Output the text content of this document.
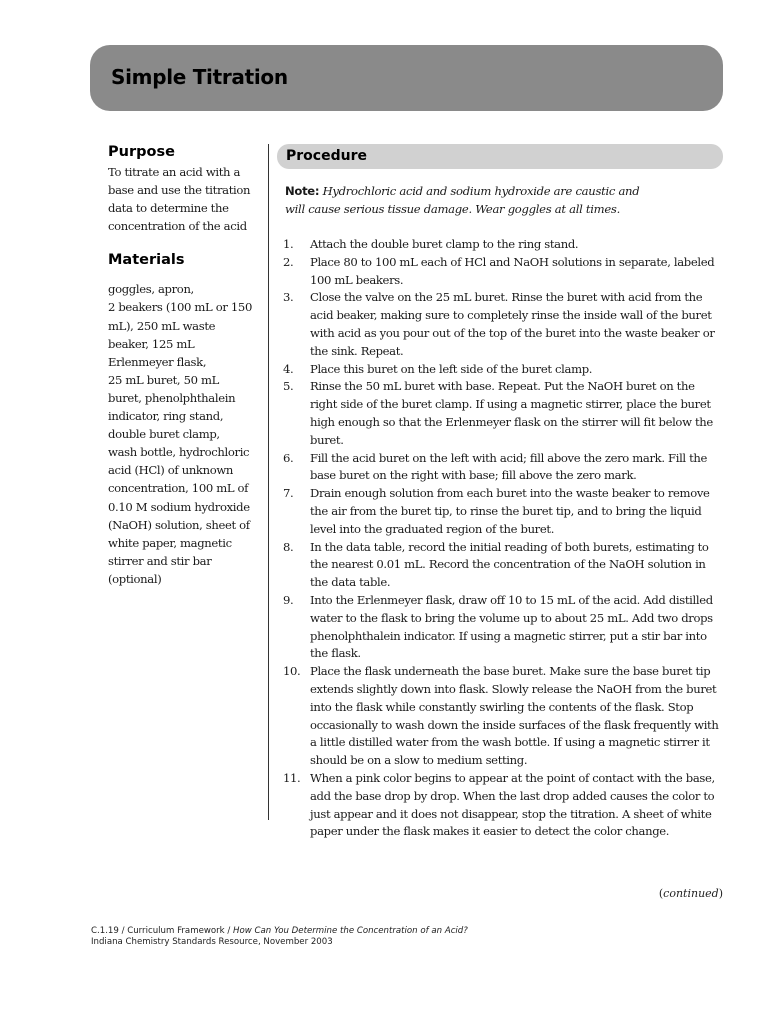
Simple Titration
Purpose
To titrate an acid with a
base and use the titration
data to determine the
concentration of the acid
Materials
goggles, apron,
2 beakers (100 mL or 150
mL), 250 mL waste
beaker, 125 mL
Erlenmeyer flask,
25 mL buret, 50 mL
buret, phenolphthalein
indicator, ring stand,
double buret clamp,
wash bottle, hydrochloric
acid (HCl) of unknown
concentration, 100 mL of
0.10 M sodium hydroxide
(NaOH) solution, sheet of
white paper, magnetic
stirrer and stir bar
(optional)
Procedure
Note: Hydrochloric acid and sodium hydroxide are caustic and
will cause serious tissue damage. Wear goggles at all times.
1.	Attach the double buret clamp to the ring stand.
2.	Place 80 to 100 mL each of HCl and NaOH solutions in separate, labeled 100 mL beakers.
3.	Close the valve on the 25 mL buret. Rinse the buret with acid from the acid beaker, making sure to completely rinse the inside wall of the buret with acid as you pour out of the top of the buret into the waste beaker or the sink. Repeat.
4.	Place this buret on the left side of the buret clamp.
5.	Rinse the 50 mL buret with base. Repeat. Put the NaOH buret on the right side of the buret clamp. If using a magnetic stirrer, place the buret high enough so that the Erlenmeyer flask on the stirrer will fit below the buret.
6.	Fill the acid buret on the left with acid; fill above the zero mark. Fill the base buret on the right with base; fill above the zero mark.
7.	Drain enough solution from each buret into the waste beaker to remove the air from the buret tip, to rinse the buret tip, and to bring the liquid level into the graduated region of the buret.
8.	In the data table, record the initial reading of both burets, estimating to the nearest 0.01 mL. Record the concentration of the NaOH solution in the data table.
9.	Into the Erlenmeyer flask, draw off 10 to 15 mL of the acid. Add distilled water to the flask to bring the volume up to about 25 mL. Add two drops phenolphthalein indicator. If using a magnetic stirrer, put a stir bar into the flask.
10. Place the flask underneath the base buret. Make sure the base buret tip extends slightly down into flask. Slowly release the NaOH from the buret into the flask while constantly swirling the contents of the flask. Stop occasionally to wash down the inside surfaces of the flask frequently with a little distilled water from the wash bottle. If using a magnetic stirrer it should be on a slow to medium setting.
11. When a pink color begins to appear at the point of contact with the base, add the base drop by drop. When the last drop added causes the color to just appear and it does not disappear, stop the titration. A sheet of white paper under the flask makes it easier to detect the color change.
(continued)
C.1.19 / Curriculum Framework / How Can You Determine the Concentration of an Acid?
Indiana Chemistry Standards Resource, November 2003
